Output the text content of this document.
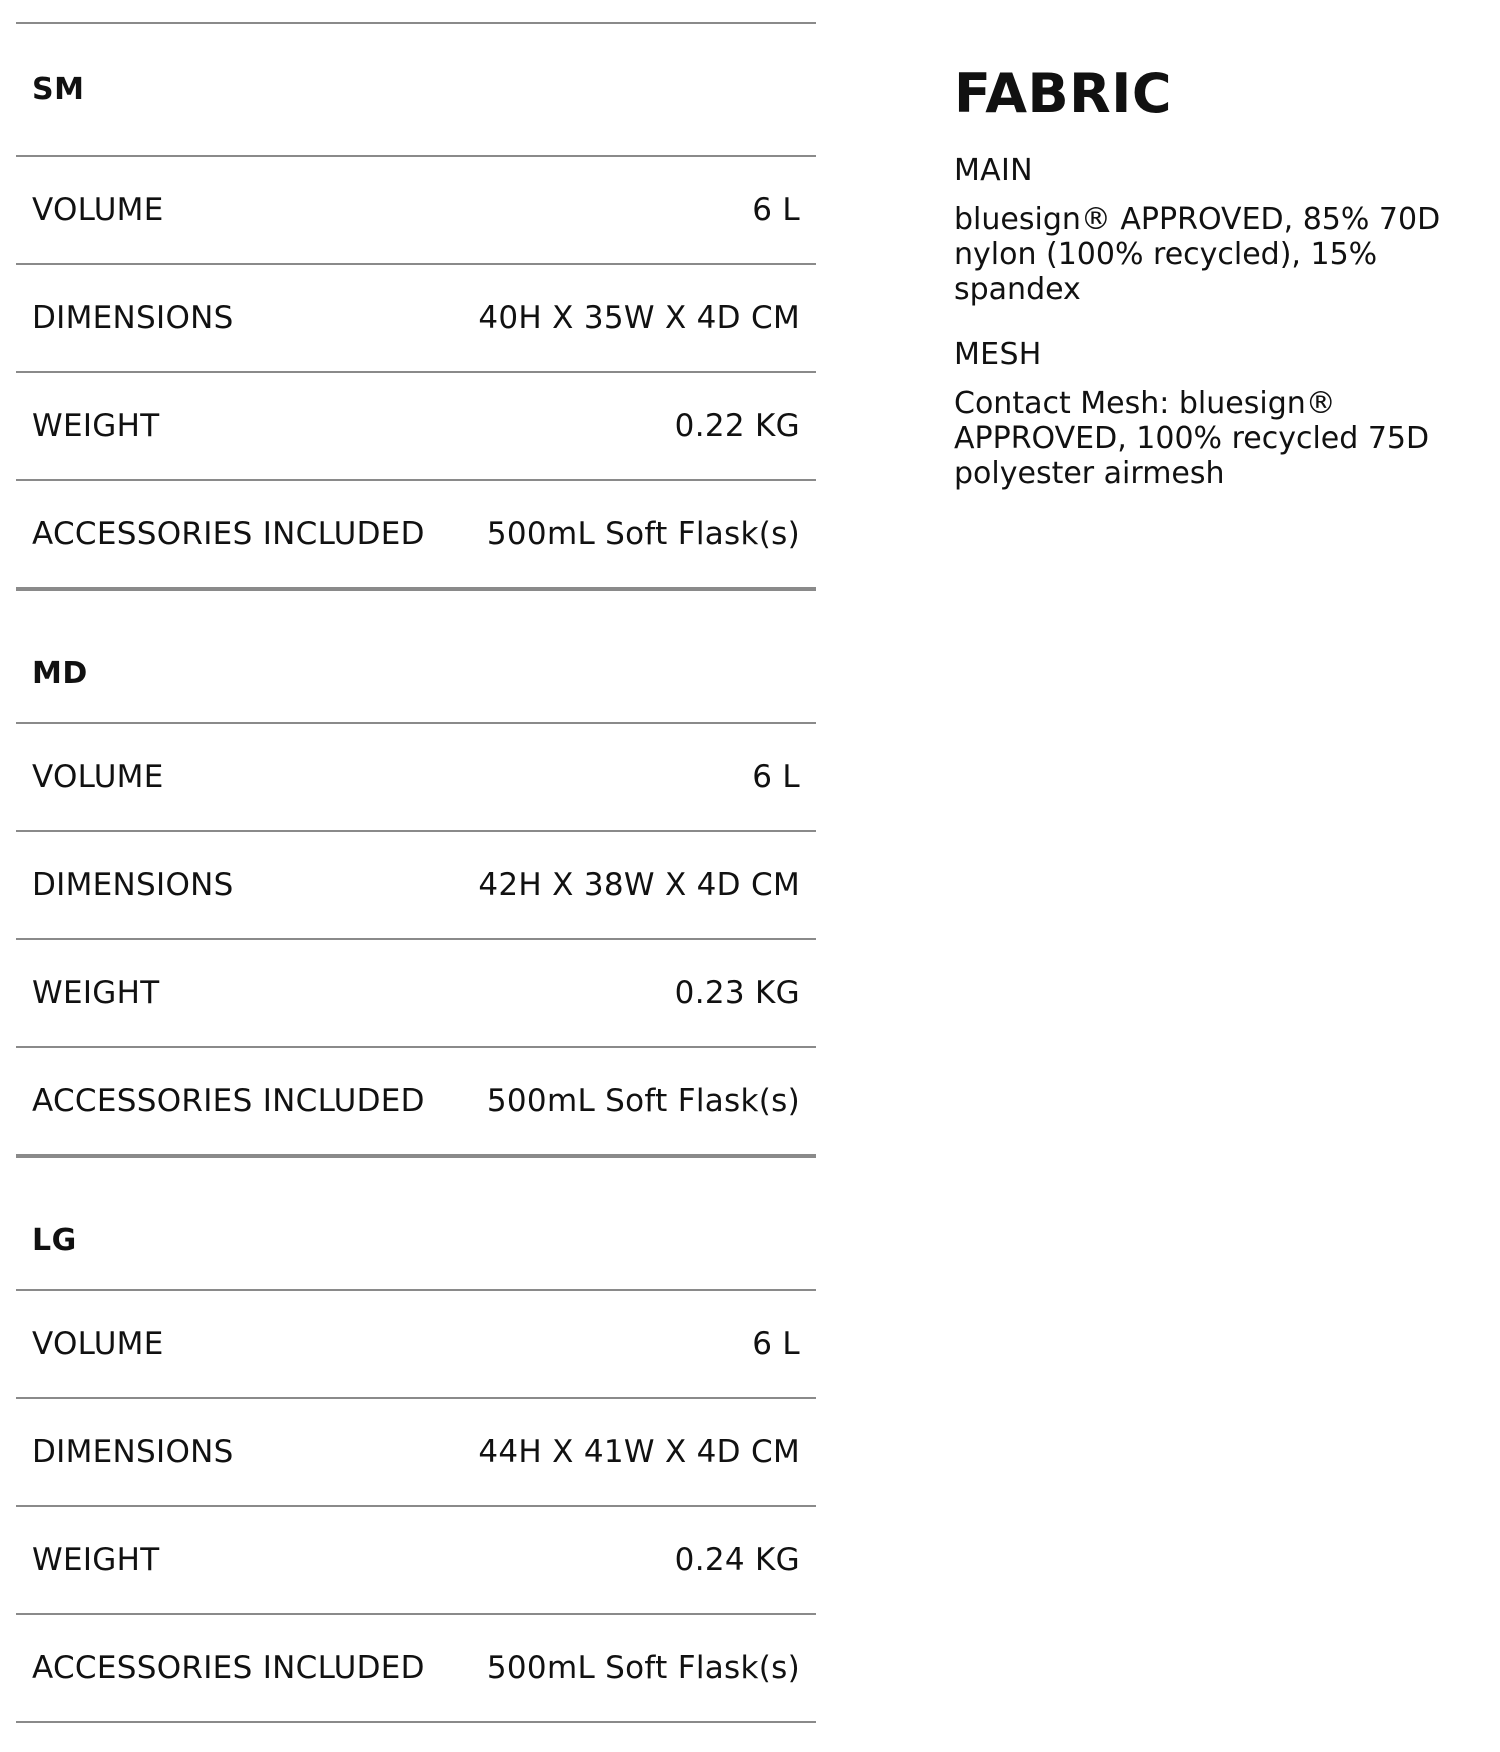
SM
VOLUME	6 L
DIMENSIONS	40H X 35W X 4D CM
WEIGHT	0.22 KG
ACCESSORIES INCLUDED 500mL Soft Flask(s)
MD
VOLUME	6 L
DIMENSIONS	42H X 38W X 4D CM
WEIGHT	0.23 KG
ACCESSORIES INCLUDED 500mL Soft Flask(s)
LG
VOLUME	6 L
DIMENSIONS	44H X 41W X 4D CM
WEIGHT	0.24 KG
ACCESSORIES INCLUDED 500mL Soft Flask(s)
FABRIC
MAIN
bluesign® APPROVED, 85% 70D nylon (100% recycled), 15% spandex
MESH
Contact Mesh: bluesign® APPROVED, 100% recycled 75D polyester airmesh
